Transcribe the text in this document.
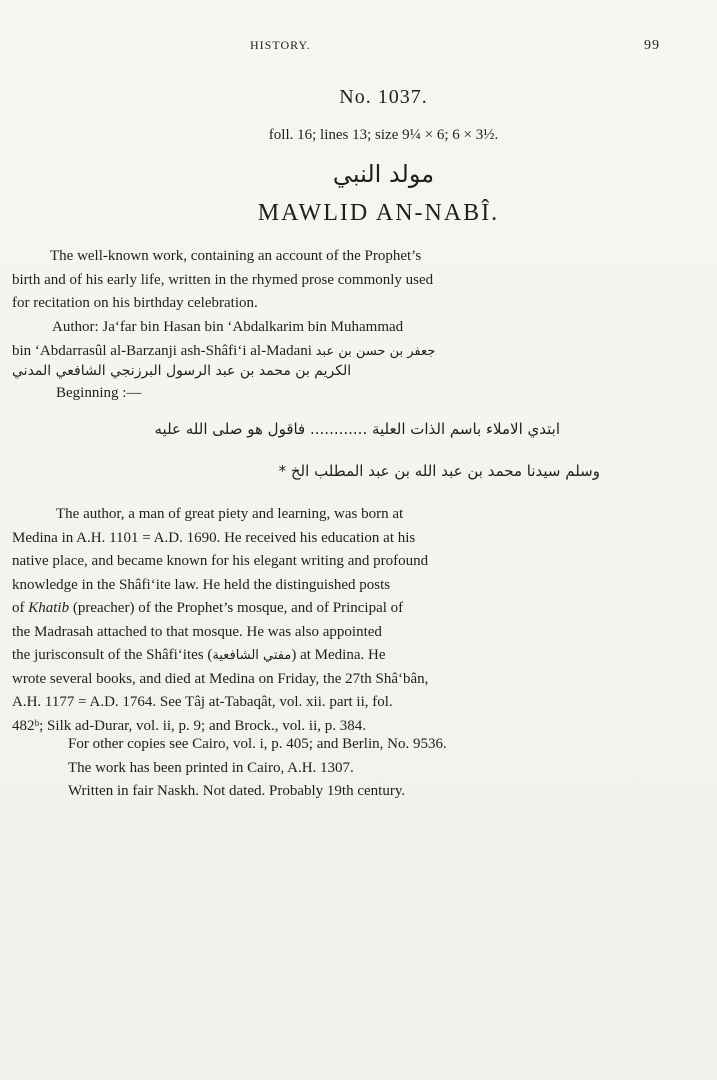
HISTORY.	99
No. 1037.
foll. 16; lines 13; size 9¼ × 6; 6 × 3½.
مولد النبي
MAWLID AN-NABÎ.
The well-known work, containing an account of the Prophet’s
birth and of his early life, written in the rhymed prose commonly used
for recitation on his birthday celebration.
Author: Ja‘far bin Hasan bin ‘Abdalkarim bin Muhammad
bin ‘Abdarrasûl al-Barzanji ash-Shâfi‘i al-Madani جعفر بن حسن بن عبد
الكريم بن محمد بن عبد الرسول البرزنجي الشافعي المدني
Beginning :—
ابتدي الاملاء باسم الذات العلية ............ فاقول هو صلى الله عليه
وسلم سيدنا محمد بن عبد الله بن عبد المطلب الخ *
The author, a man of great piety and learning, was born at
Medina in A.H. 1101 = A.D. 1690. He received his education at his
native place, and became known for his elegant writing and profound
knowledge in the Shâfi‘ite law. He held the distinguished posts
of Khatib (preacher) of the Prophet’s mosque, and of Principal of
the Madrasah attached to that mosque. He was also appointed
the jurisconsult of the Shâfi‘ites (مفتي الشافعية) at Medina. He
wrote several books, and died at Medina on Friday, the 27th Shâ‘bân,
A.H. 1177 = A.D. 1764. See Tâj at-Tabaqât, vol. xii. part ii, fol.
482ᵇ; Silk ad-Durar, vol. ii, p. 9; and Brock., vol. ii, p. 384.
For other copies see Cairo, vol. i, p. 405; and Berlin, No. 9536.
The work has been printed in Cairo, A.H. 1307.
Written in fair Naskh. Not dated. Probably 19th century.
